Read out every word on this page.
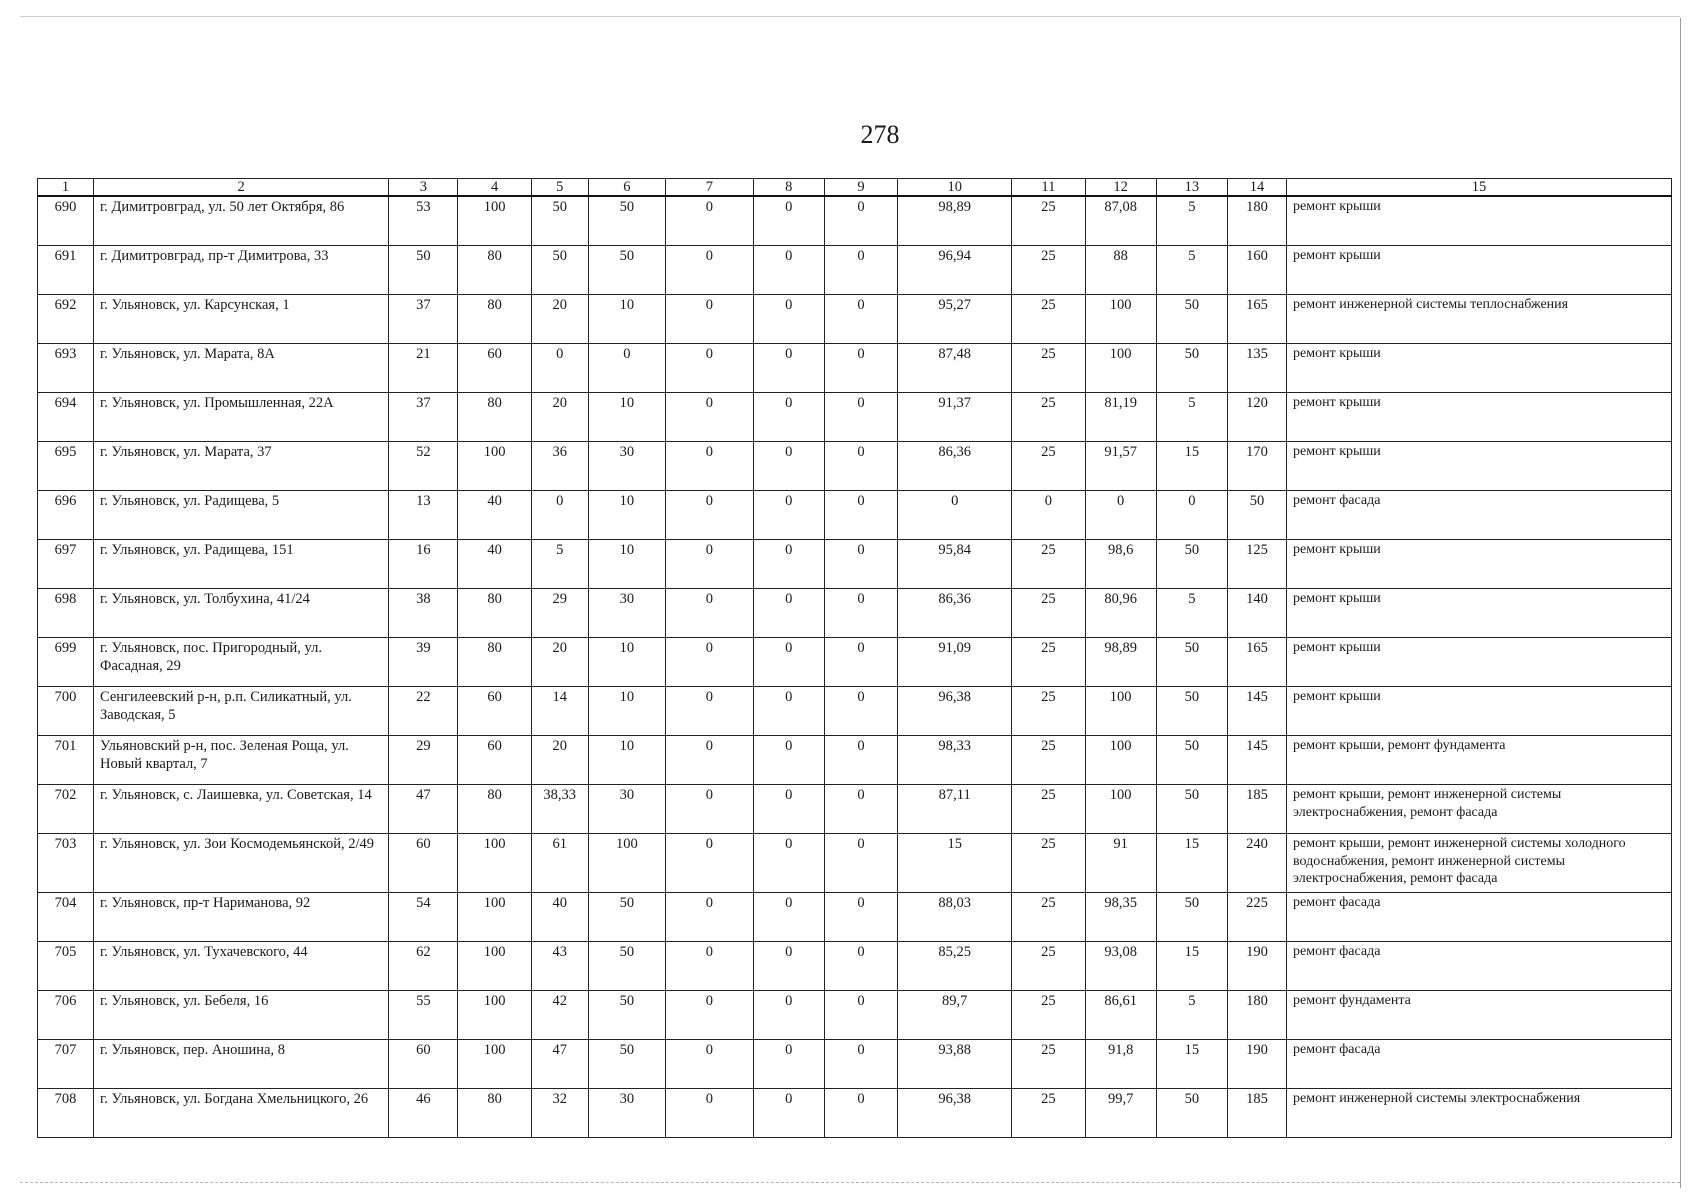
278
1	2	3	4	5	6	7	8	9	10	11	12	13	14	15
690	г. Димитровград, ул. 50 лет Октября, 86	53	100	50	50	0	0	0	98,89	25	87,08	5	180	ремонт крыши
691	г. Димитровград, пр-т Димитрова, 33	50	80	50	50	0	0	0	96,94	25	88	5	160	ремонт крыши
692	г. Ульяновск, ул. Карсунская, 1	37	80	20	10	0	0	0	95,27	25	100	50	165	ремонт инженерной системы теплоснабжения
693	г. Ульяновск, ул. Марата, 8А	21	60	0	0	0	0	0	87,48	25	100	50	135	ремонт крыши
694	г. Ульяновск, ул. Промышленная, 22А	37	80	20	10	0	0	0	91,37	25	81,19	5	120	ремонт крыши
695	г. Ульяновск, ул. Марата, 37	52	100	36	30	0	0	0	86,36	25	91,57	15	170	ремонт крыши
696	г. Ульяновск, ул. Радищева, 5	13	40	0	10	0	0	0	0	0	0	0	50	ремонт фасада
697	г. Ульяновск, ул. Радищева, 151	16	40	5	10	0	0	0	95,84	25	98,6	50	125	ремонт крыши
698	г. Ульяновск, ул. Толбухина, 41/24	38	80	29	30	0	0	0	86,36	25	80,96	5	140	ремонт крыши
699	г. Ульяновск, пос. Пригородный, ул. Фасадная, 29	39	80	20	10	0	0	0	91,09	25	98,89	50	165	ремонт крыши
700	Сенгилеевский р-н, р.п. Силикатный, ул. Заводская, 5	22	60	14	10	0	0	0	96,38	25	100	50	145	ремонт крыши
701	Ульяновский р-н, пос. Зеленая Роща, ул. Новый квартал, 7	29	60	20	10	0	0	0	98,33	25	100	50	145	ремонт крыши, ремонт фундамента
702	г. Ульяновск, с. Лаишевка, ул. Советская, 14	47	80	38,33	30	0	0	0	87,11	25	100	50	185	ремонт крыши, ремонт инженерной системы электроснабжения, ремонт фасада
703	г. Ульяновск, ул. Зои Космодемьянской, 2/49	60	100	61	100	0	0	0	15	25	91	15	240	ремонт крыши, ремонт инженерной системы холодного водоснабжения, ремонт инженерной системы электроснабжения, ремонт фасада
704	г. Ульяновск, пр-т Нариманова, 92	54	100	40	50	0	0	0	88,03	25	98,35	50	225	ремонт фасада
705	г. Ульяновск, ул. Тухачевского, 44	62	100	43	50	0	0	0	85,25	25	93,08	15	190	ремонт фасада
706	г. Ульяновск, ул. Бебеля, 16	55	100	42	50	0	0	0	89,7	25	86,61	5	180	ремонт фундамента
707	г. Ульяновск, пер. Аношина, 8	60	100	47	50	0	0	0	93,88	25	91,8	15	190	ремонт фасада
708	г. Ульяновск, ул. Богдана Хмельницкого, 26	46	80	32	30	0	0	0	96,38	25	99,7	50	185	ремонт инженерной системы электроснабжения
